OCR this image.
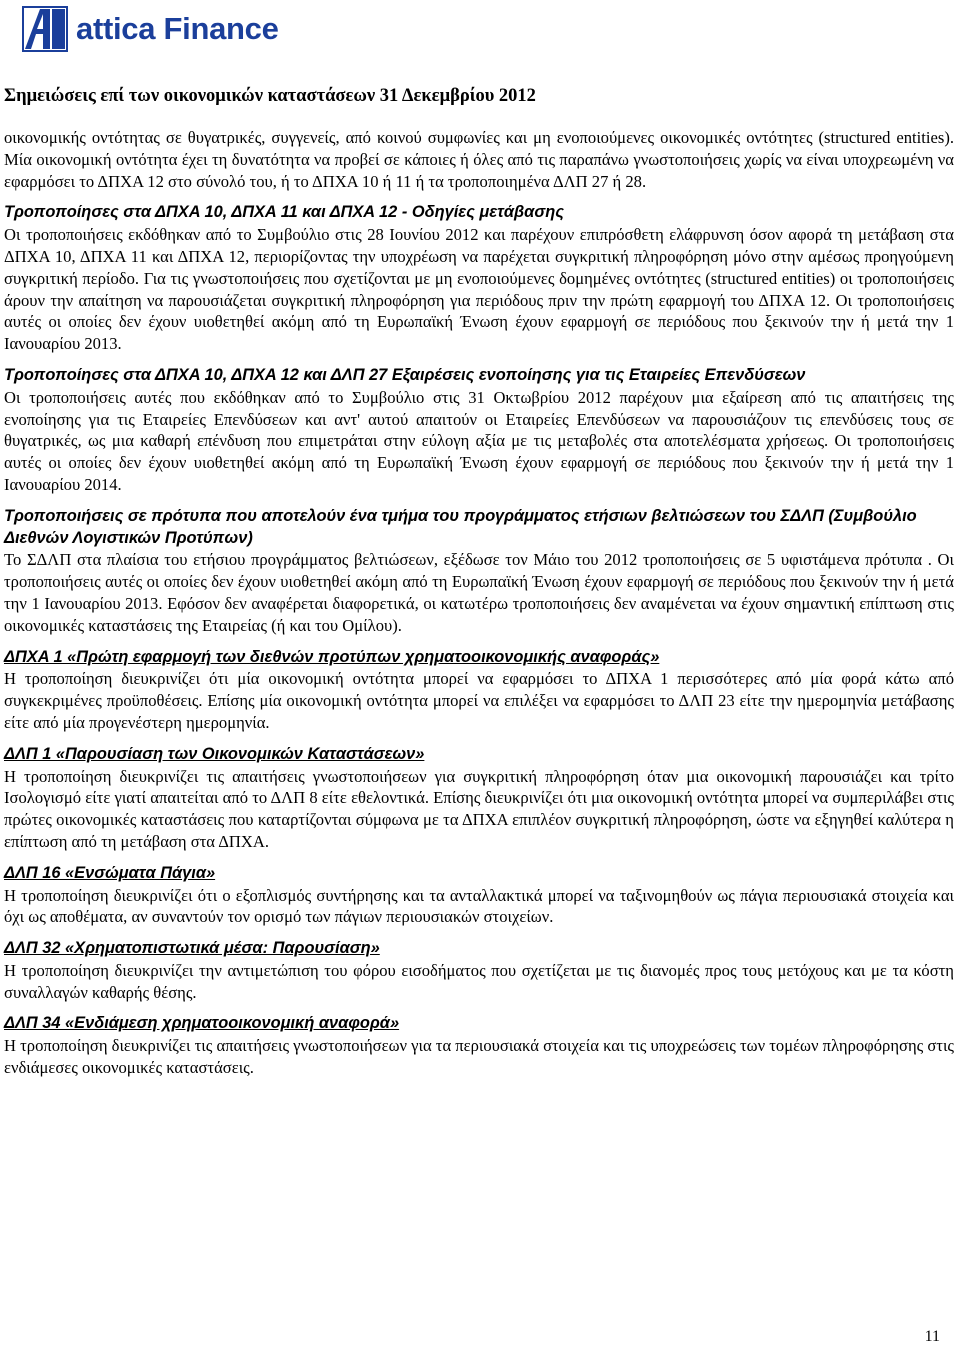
attica Finance
Σημειώσεις επί των οικονομικών καταστάσεων 31 Δεκεμβρίου 2012

οικονομικής οντότητας σε θυγατρικές, συγγενείς, από κοινού συμφωνίες και μη ενοποιούμενες οικονομικές οντότητες (structured entities). Μία οικονομική οντότητα έχει τη δυνατότητα να προβεί σε κάποιες ή όλες από τις παραπάνω γνωστοποιήσεις χωρίς να είναι υποχρεωμένη να εφαρμόσει το ΔΠΧΑ 12 στο σύνολό του, ή το ΔΠΧΑ 10 ή 11 ή τα τροποποιημένα ΔΛΠ 27 ή 28.

Τροποποίησες στα ΔΠΧΑ 10, ΔΠΧΑ 11 και ΔΠΧΑ 12 - Οδηγίες μετάβασης

Οι τροποποιήσεις εκδόθηκαν από το Συμβούλιο στις 28 Ιουνίου 2012 και παρέχουν επιπρόσθετη ελάφρυνση όσον αφορά τη μετάβαση στα ΔΠΧΑ 10, ΔΠΧΑ 11 και ΔΠΧΑ 12, περιορίζοντας την υποχρέωση να παρέχεται συγκριτική πληροφόρηση μόνο στην αμέσως προηγούμενη συγκριτική περίοδο. Για τις γνωστοποιήσεις που σχετίζονται με μη ενοποιούμενες δομημένες οντότητες (structured entities) οι τροποποιήσεις άρουν την απαίτηση να παρουσιάζεται συγκριτική πληροφόρηση για περιόδους πριν την πρώτη εφαρμογή του ΔΠΧΑ 12. Οι τροποποιήσεις αυτές οι οποίες δεν έχουν υιοθετηθεί ακόμη από τη Ευρωπαϊκή Ένωση έχουν εφαρμογή σε περιόδους που ξεκινούν την ή μετά την 1 Ιανουαρίου 2013.

Τροποποίησες στα ΔΠΧΑ 10, ΔΠΧΑ 12 και ΔΛΠ 27 Εξαιρέσεις ενοποίησης για τις Εταιρείες Επενδύσεων

Οι τροποποιήσεις αυτές που εκδόθηκαν από το Συμβούλιο στις 31 Οκτωβρίου 2012 παρέχουν μια εξαίρεση από τις απαιτήσεις της ενοποίησης για τις Εταιρείες Επενδύσεων και αντ' αυτού απαιτούν οι Εταιρείες Επενδύσεων να παρουσιάζουν τις επενδύσεις τους σε θυγατρικές, ως μια καθαρή επένδυση που επιμετράται στην εύλογη αξία με τις μεταβολές στα αποτελέσματα χρήσεως. Οι τροποποιήσεις αυτές οι οποίες δεν έχουν υιοθετηθεί ακόμη από τη Ευρωπαϊκή Ένωση έχουν εφαρμογή σε περιόδους που ξεκινούν την ή μετά την 1 Ιανουαρίου 2014.

Τροποποιήσεις σε πρότυπα που αποτελούν ένα τμήμα του προγράμματος ετήσιων βελτιώσεων του ΣΔΛΠ (Συμβούλιο Διεθνών Λογιστικών Προτύπων)

Το ΣΔΛΠ στα πλαίσια του ετήσιου προγράμματος βελτιώσεων, εξέδωσε τον Μάιο του 2012 τροποποιήσεις σε 5 υφιστάμενα πρότυπα . Οι τροποποιήσεις αυτές οι οποίες δεν έχουν υιοθετηθεί ακόμη από τη Ευρωπαϊκή Ένωση έχουν εφαρμογή σε περιόδους που ξεκινούν την ή μετά την 1 Ιανουαρίου 2013. Εφόσον δεν αναφέρεται διαφορετικά, οι κατωτέρω τροποποιήσεις δεν αναμένεται να έχουν σημαντική επίπτωση στις οικονομικές καταστάσεις της Εταιρείας (ή και του Ομίλου).

ΔΠΧΑ 1 «Πρώτη εφαρμογή των διεθνών προτύπων χρηματοοικονομικής αναφοράς»

Η τροποποίηση διευκρινίζει ότι μία οικονομική οντότητα μπορεί να εφαρμόσει το ΔΠΧΑ 1 περισσότερες από μία φορά κάτω από συγκεκριμένες προϋποθέσεις. Επίσης μία οικονομική οντότητα μπορεί να επιλέξει να εφαρμόσει το ΔΛΠ 23 είτε την ημερομηνία μετάβασης είτε από μία προγενέστερη ημερομηνία.

ΔΛΠ 1 «Παρουσίαση των Οικονομικών Καταστάσεων»

Η τροποποίηση διευκρινίζει τις απαιτήσεις γνωστοποιήσεων για συγκριτική πληροφόρηση όταν μια οικονομική παρουσιάζει και τρίτο Ισολογισμό είτε γιατί απαιτείται από το ΔΛΠ 8 είτε εθελοντικά. Επίσης διευκρινίζει ότι μια οικονομική οντότητα μπορεί να συμπεριλάβει στις πρώτες οικονομικές καταστάσεις που καταρτίζονται σύμφωνα με τα ΔΠΧΑ επιπλέον συγκριτική πληροφόρηση, ώστε να εξηγηθεί καλύτερα η επίπτωση από τη μετάβαση στα ΔΠΧΑ.

ΔΛΠ 16 «Ενσώματα Πάγια»

Η τροποποίηση διευκρινίζει ότι ο εξοπλισμός συντήρησης και τα ανταλλακτικά μπορεί να ταξινομηθούν ως πάγια περιουσιακά στοιχεία και όχι ως αποθέματα, αν συναντούν τον ορισμό των πάγιων περιουσιακών στοιχείων.

ΔΛΠ 32 «Χρηματοπιστωτικά μέσα: Παρουσίαση»

Η τροποποίηση διευκρινίζει την αντιμετώπιση του φόρου εισοδήματος που σχετίζεται με τις διανομές προς τους μετόχους και με τα κόστη συναλλαγών καθαρής θέσης.

ΔΛΠ 34 «Ενδιάμεση χρηματοοικονομική αναφορά»

Η τροποποίηση διευκρινίζει τις απαιτήσεις γνωστοποιήσεων για τα περιουσιακά στοιχεία και τις υποχρεώσεις των τομέων πληροφόρησης στις ενδιάμεσες οικονομικές καταστάσεις.

11
